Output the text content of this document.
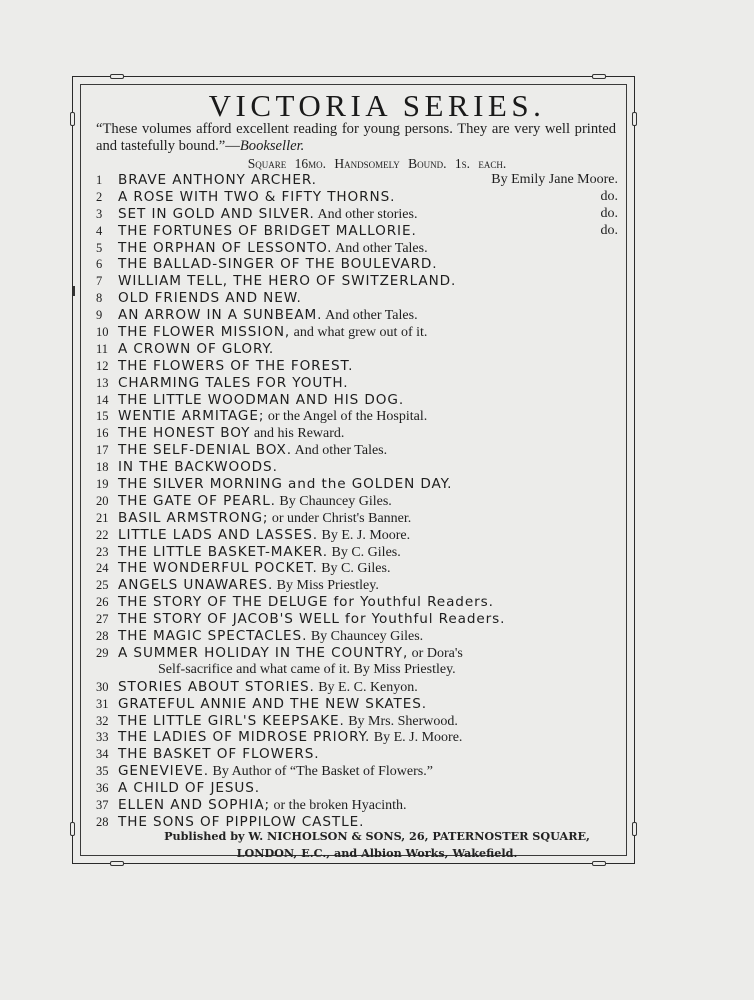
VICTORIA SERIES.
“These volumes afford excellent reading for young persons. They are very well printed and tastefully bound.”—Bookseller.
Square 16mo. Handsomely Bound. 1s. each.
1 BRAVE ANTHONY ARCHER.	By Emily Jane Moore.
2 A ROSE WITH TWO & FIFTY THORNS.	do.
3 SET IN GOLD AND SILVER. And other stories.	do.
4 THE FORTUNES OF BRIDGET MALLORIE.	do.
5 THE ORPHAN OF LESSONTO. And other Tales.
6 THE BALLAD-SINGER OF THE BOULEVARD.
7 WILLIAM TELL, THE HERO OF SWITZERLAND.
8 OLD FRIENDS AND NEW.
9 AN ARROW IN A SUNBEAM. And other Tales.
10 THE FLOWER MISSION, and what grew out of it.
11 A CROWN OF GLORY.
12 THE FLOWERS OF THE FOREST.
13 CHARMING TALES FOR YOUTH.
14 THE LITTLE WOODMAN AND HIS DOG.
15 WENTIE ARMITAGE; or the Angel of the Hospital.
16 THE HONEST BOY and his Reward.
17 THE SELF-DENIAL BOX. And other Tales.
18 IN THE BACKWOODS.
19 THE SILVER MORNING and the GOLDEN DAY.
20 THE GATE OF PEARL. By Chauncey Giles.
21 BASIL ARMSTRONG; or under Christ's Banner.
22 LITTLE LADS AND LASSES. By E. J. Moore.
23 THE LITTLE BASKET-MAKER. By C. Giles.
24 THE WONDERFUL POCKET. By C. Giles.
25 ANGELS UNAWARES. By Miss Priestley.
26 THE STORY OF THE DELUGE for Youthful Readers.
27 THE STORY OF JACOB'S WELL for Youthful Readers.
28 THE MAGIC SPECTACLES. By Chauncey Giles.
29 A SUMMER HOLIDAY IN THE COUNTRY, or Dora's
Self-sacrifice and what came of it. By Miss Priestley.
30 STORIES ABOUT STORIES. By E. C. Kenyon.
31 GRATEFUL ANNIE AND THE NEW SKATES.
32 THE LITTLE GIRL'S KEEPSAKE. By Mrs. Sherwood.
33 THE LADIES OF MIDROSE PRIORY. By E. J. Moore.
34 THE BASKET OF FLOWERS.
35 GENEVIEVE. By Author of “The Basket of Flowers.”
36 A CHILD OF JESUS.
37 ELLEN AND SOPHIA; or the broken Hyacinth.
28 THE SONS OF PIPPILOW CASTLE.
Published by W. NICHOLSON & SONS, 26, PATERNOSTER SQUARE,
LONDON, E.C., and Albion Works, Wakefield.
